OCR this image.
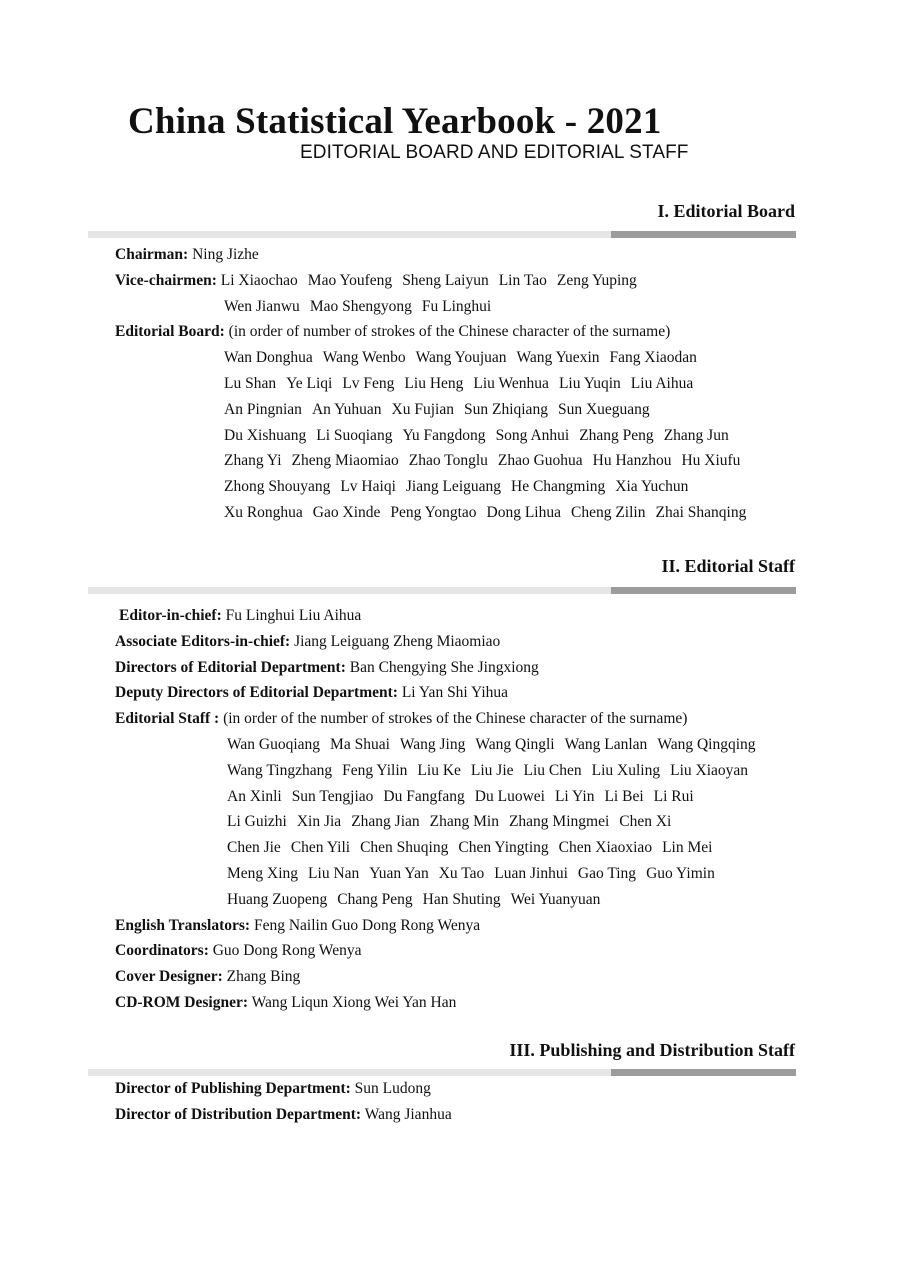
China Statistical Yearbook - 2021
EDITORIAL BOARD AND EDITORIAL STAFF
I. Editorial Board
Chairman: Ning Jizhe
Vice-chairmen: Li Xiaochao Mao Youfeng Sheng Laiyun Lin Tao Zeng Yuping
Wen Jianwu Mao Shengyong Fu Linghui
Editorial Board: (in order of number of strokes of the Chinese character of the surname)
Wan Donghua Wang Wenbo Wang Youjuan Wang Yuexin Fang Xiaodan
Lu Shan Ye Liqi Lv Feng Liu Heng Liu Wenhua Liu Yuqin Liu Aihua
An Pingnian An Yuhuan Xu Fujian Sun Zhiqiang Sun Xueguang
Du Xishuang Li Suoqiang Yu Fangdong Song Anhui Zhang Peng Zhang Jun
Zhang Yi Zheng Miaomiao Zhao Tonglu Zhao Guohua Hu Hanzhou Hu Xiufu
Zhong Shouyang Lv Haiqi Jiang Leiguang He Changming Xia Yuchun
Xu Ronghua Gao Xinde Peng Yongtao Dong Lihua Cheng Zilin Zhai Shanqing
II. Editorial Staff
Editor-in-chief: Fu Linghui Liu Aihua
Associate Editors-in-chief: Jiang Leiguang Zheng Miaomiao
Directors of Editorial Department: Ban Chengying She Jingxiong
Deputy Directors of Editorial Department: Li Yan Shi Yihua
Editorial Staff : (in order of the number of strokes of the Chinese character of the surname)
Wan Guoqiang Ma Shuai Wang Jing Wang Qingli Wang Lanlan Wang Qingqing
Wang Tingzhang Feng Yilin Liu Ke Liu Jie Liu Chen Liu Xuling Liu Xiaoyan
An Xinli Sun Tengjiao Du Fangfang Du Luowei Li Yin Li Bei Li Rui
Li Guizhi Xin Jia Zhang Jian Zhang Min Zhang Mingmei Chen Xi
Chen Jie Chen Yili Chen Shuqing Chen Yingting Chen Xiaoxiao Lin Mei
Meng Xing Liu Nan Yuan Yan Xu Tao Luan Jinhui Gao Ting Guo Yimin
Huang Zuopeng Chang Peng Han Shuting Wei Yuanyuan
English Translators: Feng Nailin Guo Dong Rong Wenya
Coordinators: Guo Dong Rong Wenya
Cover Designer: Zhang Bing
CD-ROM Designer: Wang Liqun Xiong Wei Yan Han
III. Publishing and Distribution Staff
Director of Publishing Department: Sun Ludong
Director of Distribution Department: Wang Jianhua
